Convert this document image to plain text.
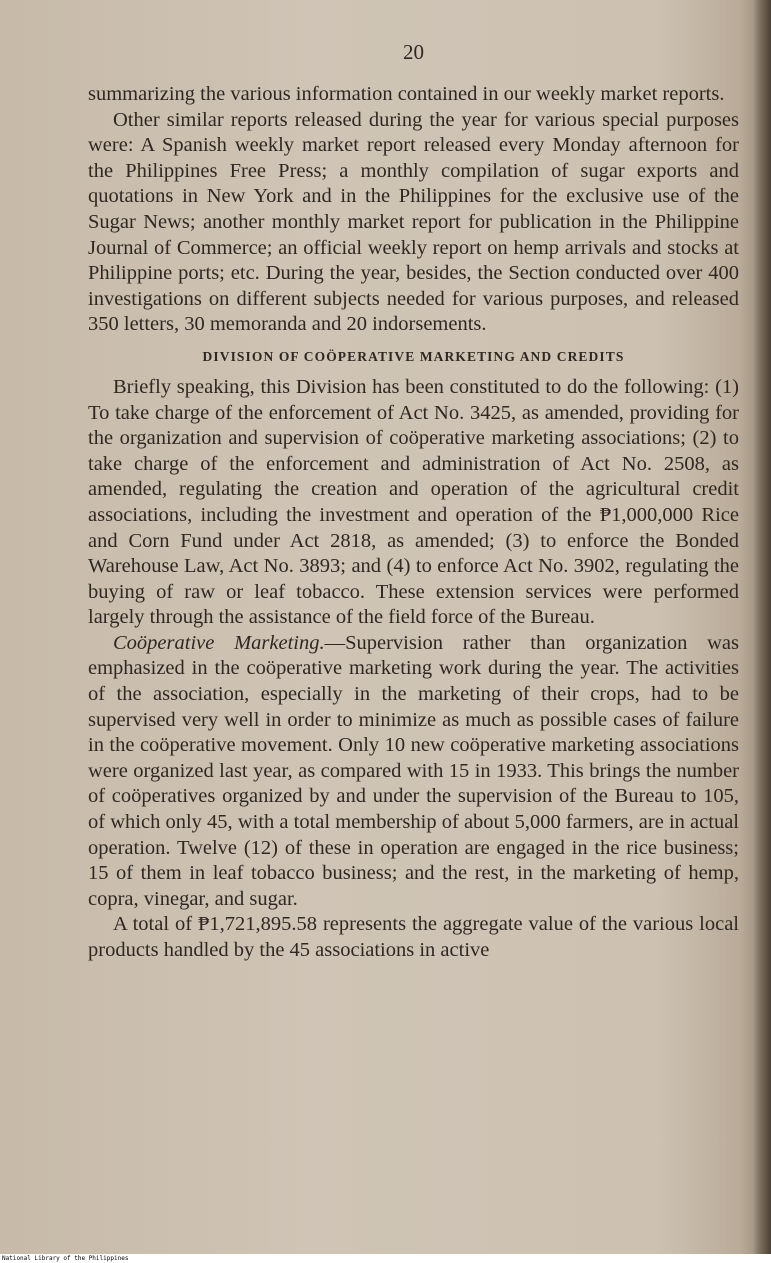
20

summarizing the various information contained in our weekly market reports.

Other similar reports released during the year for various special purposes were: A Spanish weekly market report released every Monday afternoon for the Philippines Free Press; a monthly compilation of sugar exports and quotations in New York and in the Philippines for the exclusive use of the Sugar News; another monthly market report for publication in the Philippine Journal of Commerce; an official weekly report on hemp arrivals and stocks at Philippine ports; etc. During the year, besides, the Section conducted over 400 investigations on different subjects needed for various purposes, and released 350 letters, 30 memoranda and 20 indorsements.

DIVISION OF COÖPERATIVE MARKETING AND CREDITS

Briefly speaking, this Division has been constituted to do the following: (1) To take charge of the enforcement of Act No. 3425, as amended, providing for the organization and supervision of coöperative marketing associations; (2) to take charge of the enforcement and administration of Act No. 2508, as amended, regulating the creation and operation of the agricultural credit associations, including the investment and operation of the ₱1,000,000 Rice and Corn Fund under Act 2818, as amended; (3) to enforce the Bonded Warehouse Law, Act No. 3893; and (4) to enforce Act No. 3902, regulating the buying of raw or leaf tobacco. These extension services were performed largely through the assistance of the field force of the Bureau.

Coöperative Marketing.—Supervision rather than organization was emphasized in the coöperative marketing work during the year. The activities of the association, especially in the marketing of their crops, had to be supervised very well in order to minimize as much as possible cases of failure in the coöperative movement. Only 10 new coöperative marketing associations were organized last year, as compared with 15 in 1933. This brings the number of coöperatives organized by and under the supervision of the Bureau to 105, of which only 45, with a total membership of about 5,000 farmers, are in actual operation. Twelve (12) of these in operation are engaged in the rice business; 15 of them in leaf tobacco business; and the rest, in the marketing of hemp, copra, vinegar, and sugar.

A total of ₱1,721,895.58 represents the aggregate value of the various local products handled by the 45 associations in active

National Library of the Philippines
